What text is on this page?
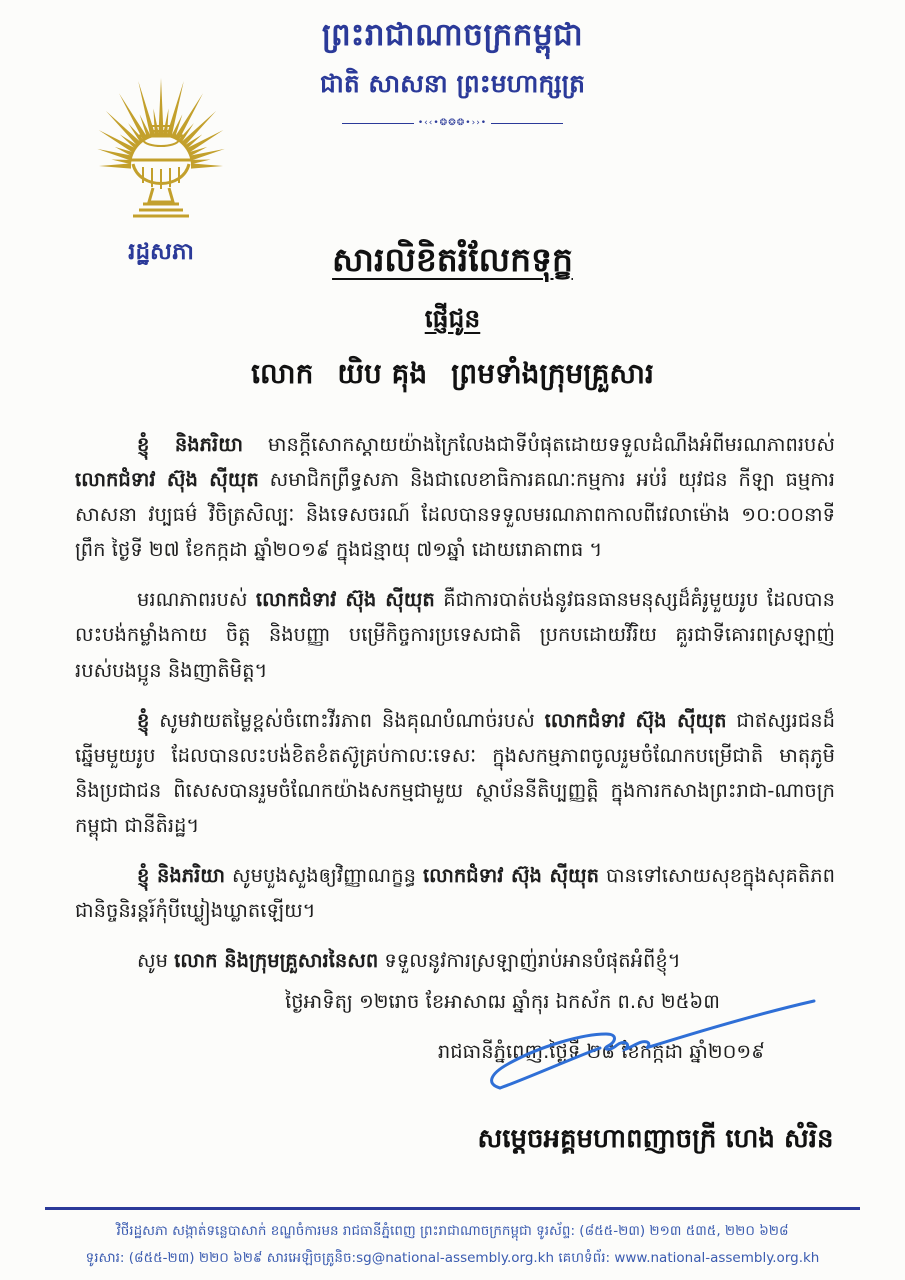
ព្រះរាជាណាចក្រកម្ពុជា
ជាតិ សាសនា ព្រះមហាក្សត្រ
•‹‹•❂❂❂•››•
រដ្ឋសភា	សារលិខិតរំលែកទុក្ខ
ផ្ញើជូន
លោក យិប គុង ព្រមទាំងក្រុមគ្រួសារ

ខ្ញុំ និងភរិយា មានក្តីសោកស្តាយយ៉ាងក្រៃលែងជាទីបំផុតដោយទទួលដំណឹងអំពីមរណភាពរបស់ លោកជំទាវ ស៊ុង ស៊ីយុត សមាជិកព្រឹទ្ធសភា និងជាលេខាធិការគណៈកម្មការ អប់រំ យុវជន កីឡា ធម្មការ សាសនា វប្បធម៌ វិចិត្រសិល្បៈ និងទេសចរណ៍ ដែលបានទទួលមរណភាពកាលពីវេលាម៉ោង ១០:០០នាទី ព្រឹក ថ្ងៃទី ២៧ ខែកក្កដា ឆ្នាំ២០១៩ ក្នុងជន្មាយុ ៧១ឆ្នាំ ដោយរោគាពាធ ។

មរណភាពរបស់ លោកជំទាវ ស៊ុង ស៊ីយុត គឺជាការបាត់បង់នូវធនធានមនុស្សដ៏គំរូមួយរូប ដែលបានលះបង់កម្លាំងកាយ ចិត្ត និងបញ្ញា បម្រើកិច្ចការប្រទេសជាតិ ប្រកបដោយវីរិយ គួរជាទីគោរពស្រឡាញ់ របស់បងប្អូន និងញាតិមិត្ត។

ខ្ញុំ សូមវាយតម្លៃខ្ពស់ចំពោះវីរភាព និងគុណបំណាច់របស់ លោកជំទាវ ស៊ុង ស៊ីយុត ជាឥស្សរជនដ៏ឆ្នើមមួយរូប ដែលបានលះបង់ខិតខំតស៊ូគ្រប់កាលៈទេសៈ ក្នុងសកម្មភាពចូលរួមចំណែកបម្រើជាតិ មាតុភូមិ និងប្រជាជន ពិសេសបានរួមចំណែកយ៉ាងសកម្មជាមួយ ស្ថាប័ននីតិប្បញ្ញត្តិ ក្នុងការកសាងព្រះរាជា-ណាចក្រកម្ពុជា ជានីតិរដ្ឋ។

ខ្ញុំ និងភរិយា សូមបួងសួងឲ្យវិញ្ញាណក្ខន្ធ លោកជំទាវ ស៊ុង ស៊ីយុត បានទៅសោយសុខក្នុងសុគតិភព ជានិច្ចនិរន្តរ៍កុំបីឃ្លៀងឃ្លាតឡើយ។

សូម លោក និងក្រុមគ្រួសារនៃសព ទទួលនូវការស្រឡាញ់រាប់អានបំផុតអំពីខ្ញុំ។

ថ្ងៃអាទិត្យ ១២រោច ខែអាសាឍ ឆ្នាំកុរ ឯកស័ក ព.ស ២៥៦៣

រាជធានីភ្នំពេញ.ថ្ងៃទី ២៨ ខែកក្កដា ឆ្នាំ២០១៩

សម្តេចអគ្គមហាពញាចក្រី ហេង សំរិន
វិថីរដ្ឋសភា សង្កាត់ទន្លេបាសាក់ ខណ្ឌចំការមន រាជធានីភ្នំពេញ ព្រះរាជាណាចក្រកម្ពុជា ទូរស័ព្ទ: (៨៥៥-២៣) ២១៣ ៥៣៥, ២២០ ៦២៨
ទូរសារ: (៨៥៥-២៣) ២២០ ៦២៩ សារអេឡិចត្រូនិច:sg@national-assembly.org.kh គេហទំព័រ: www.national-assembly.org.kh
